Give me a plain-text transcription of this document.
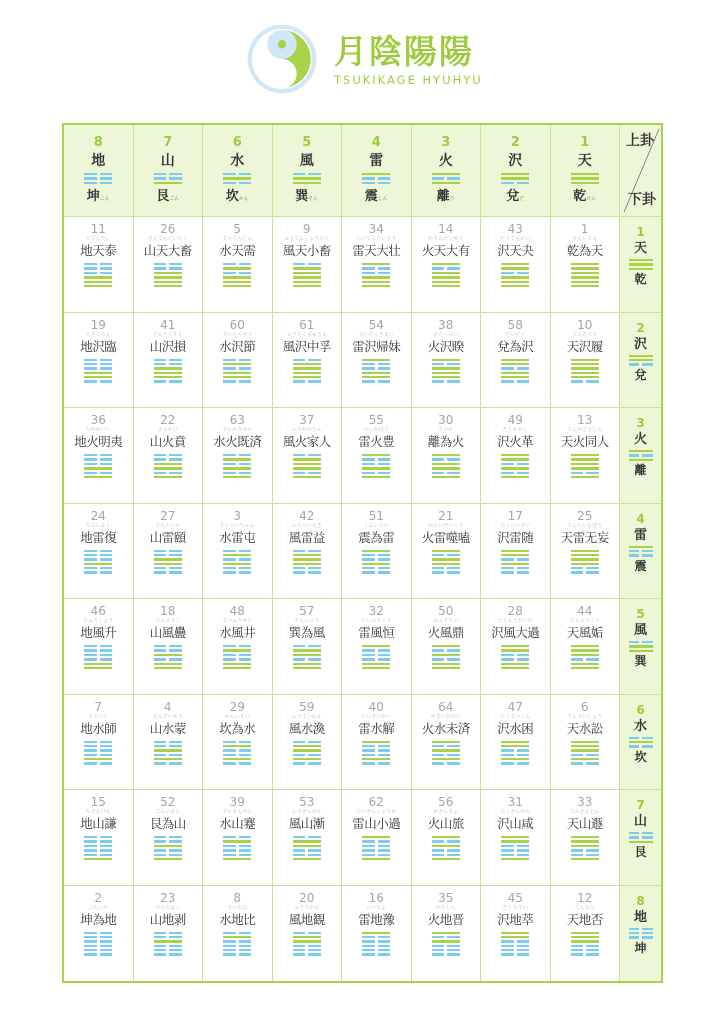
月陰陽陽
TSUKIKAGE HYUHYU
8
地
坤こん
7
山
艮ごん
6
水
坎かん
5
風
巽そん
4
雷
震しん
3
火
離り
2
沢
兌だ
1
天
乾けん
上卦
下卦
11
ちてんたい
地天泰
26
さんてんたいちく
山天大畜
5
すいてんじゅ
水天需
9
ふうてんしょうちく
風天小畜
34
らいてんたいそう
雷天大壮
14
かてんたいゆう
火天大有
43
たくてんかい
沢天夬
1
けんいてん
乾為天
1
天
乾
19
ちたくりん
地沢臨
41
さんたくそん
山沢損
60
すいたくせつ
水沢節
61
ふうたくちゅうふ
風沢中孚
54
らいたくきまい
雷沢帰妹
38
かたくけい
火沢睽
58
だいたく
兌為沢
10
てんたくり
天沢履
2
沢
兌
36
ちかめいい
地火明夷
22
さんかひ
山火賁
63
すいかきせい
水火既済
37
ふうかかじん
風火家人
55
らいかほう
雷火豊
30
りいか
離為火
49
たくかかく
沢火革
13
てんかどうじん
天火同人
3
火
離
24
ちらいふく
地雷復
27
さんらいい
山雷頤
3
すいらいちゅん
水雷屯
42
ふうらいえき
風雷益
51
しんいらい
震為雷
21
からいぜいこう
火雷噬嗑
17
たくらいずい
沢雷随
25
てんらいむぼう
天雷无妄
4
雷
震
46
ちふうしょう
地風升
18
さんぷうこ
山風蠱
48
すいふうせい
水風井
57
そんいふう
巽為風
32
らいふうこう
雷風恒
50
かふうてい
火風鼎
28
たくふうたいか
沢風大過
44
てんぷうこう
天風姤
5
風
巽
7
ちすいし
地水師
4
さんすいもう
山水蒙
29
かんいすい
坎為水
59
ふうすいかん
風水渙
40
らいすいかい
雷水解
64
かすいびせい
火水未済
47
たくすいこん
沢水困
6
てんすいしょう
天水訟
6
水
坎
15
ちざんけん
地山謙
52
ごんいさん
艮為山
39
すいざんけん
水山蹇
53
ふうざんぜん
風山漸
62
らいざんしょうか
雷山小過
56
かざんりょ
火山旅
31
たくざんかん
沢山咸
33
てんざんとん
天山遯
7
山
艮
2
こんいち
坤為地
23
さんちはく
山地剥
8
すいちひ
水地比
20
ふうちかん
風地観
16
らいちよ
雷地豫
35
かちしん
火地晋
45
たくちすい
沢地萃
12
てんちひ
天地否
8
地
坤
